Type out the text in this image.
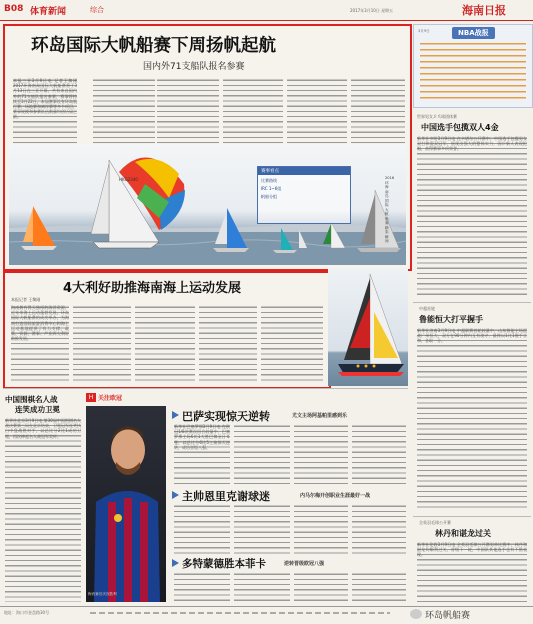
B08 体育新闻	综合	2017年3月10日 星期五	海南日报
环岛国际大帆船赛下周扬帆起航
国内外71支船队报名参赛
本报三亚3月9日电 记者王黎刚 2017环海南岛国际大帆船赛将于3月13日在三亚开幕，共有来自国内外的71支船队报名参赛，赛事将持续至3月22日。本届赛事设有环岛航行赛、场地赛和离岸赛等多个项目，赛事规模和参赛队伍数量均创历届之最。
HKG2340
赛事看点
比赛路线
IRC 1~6组
帆船分组
2016环海南岛国际大帆船赛精彩瞬间
4大利好助推海南海上运动发展
本报记者 王黎刚
海南拥有得天独厚的海洋资源，近年来海上运动蓬勃发展。环岛国际大帆船赛的成功举办，为海南打造国际旅游消费中心和海上运动基地提供了有力支撑，政策、资源、赛事、产业四大利好助推发展。
NBA战报
3月9日
世界男女乒乓球团体赛
中国选手包揽双人4金
新华社多哈3月9日电 在卡塔尔公开赛中，中国选手包揽男女双打和混双冠军，展现出强大的整体实力，国乒新人表现抢眼，获得赛事多项荣誉。
中超首轮
鲁能恒大打平握手
新华社济南3月9日电 中超联赛首轮较量中，山东鲁能主场迎战广州恒大，双方在90分钟内互有攻守，最终以1比1握手言和，各取一分。
中国围棋名人战
连笑成功卫冕
新华社北京3月9日电 第30届中国围棋名人战决赛第三局在北京结束，卫冕冠军连笑执白中盘战胜对手，以总比分2比1成功卫冕，再次捧起名人战冠军奖杯。
H 关注欧冠
梅西赛后庆祝胜利
巴萨实现惊天逆转	尤文主场阿基帕里感到乐
新华社巴塞罗那3月9日电 在欧冠1/8决赛次回合较量中，巴塞罗那主场6比1大胜巴黎圣日耳曼，以总比分6比5上演惊天逆转，成功晋级八强。
主帅恩里克谢球迷	内马尔梅开创职业生涯最好一战
多特蒙德胜本菲卡	逆转晋级欧冠八强
全英羽毛球公开赛
林丹和谌龙过关
新华社伦敦3月9日电 全英羽毛球公开赛男单比赛中，林丹和谌龙均顺利过关，晋级下一轮，中国队其他选手也有不错表现。
地址：海口市金盘路30号	环岛帆船赛
